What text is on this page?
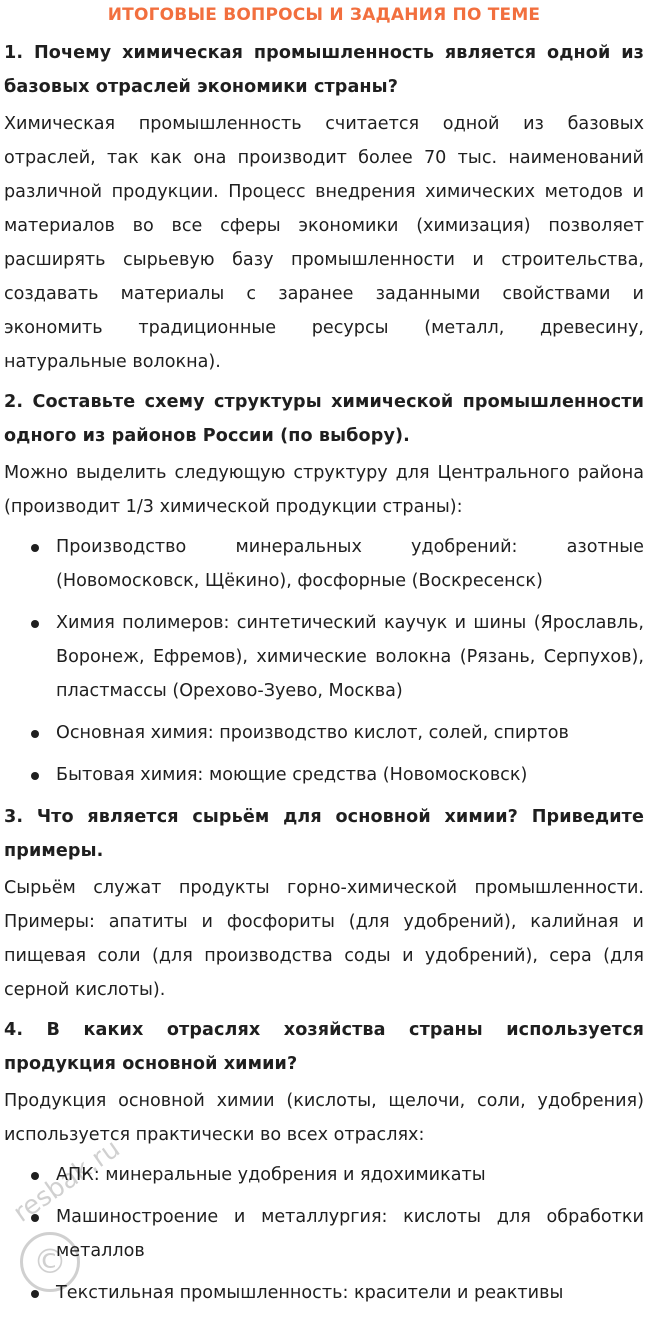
ИТОГОВЫЕ ВОПРОСЫ И ЗАДАНИЯ ПО ТЕМЕ

1. Почему химическая промышленность является одной из базовых отраслей экономики страны?

Химическая промышленность считается одной из базовых отраслей, так как она производит более 70 тыс. наименований различной продукции. Процесс внедрения химических методов и материалов во все сферы экономики (химизация) позволяет расширять сырьевую базу промышленности и строительства, создавать материалы с заранее заданными свойствами и экономить традиционные ресурсы (металл, древесину, натуральные волокна).

2. Составьте схему структуры химической промышленности одного из районов России (по выбору).

Можно выделить следующую структуру для Центрального района (производит 1/3 химической продукции страны):

Производство минеральных удобрений: азотные (Новомосковск, Щёкино), фосфорные (Воскресенск)
Химия полимеров: синтетический каучук и шины (Ярославль, Воронеж, Ефремов), химические волокна (Рязань, Серпухов), пластмассы (Орехово-Зуево, Москва)
Основная химия: производство кислот, солей, спиртов
Бытовая химия: моющие средства (Новомосковск)

3. Что является сырьём для основной химии? Приведите примеры.

Сырьём служат продукты горно-химической промышленности. Примеры: апатиты и фосфориты (для удобрений), калийная и пищевая соли (для производства соды и удобрений), сера (для серной кислоты).

4. В каких отраслях хозяйства страны используется продукция основной химии?

Продукция основной химии (кислоты, щелочи, соли, удобрения) используется практически во всех отраслях:

АПК: минеральные удобрения и ядохимикаты
Машиностроение и металлургия: кислоты для обработки металлов
Текстильная промышленность: красители и реактивы
resbak.ru
©
